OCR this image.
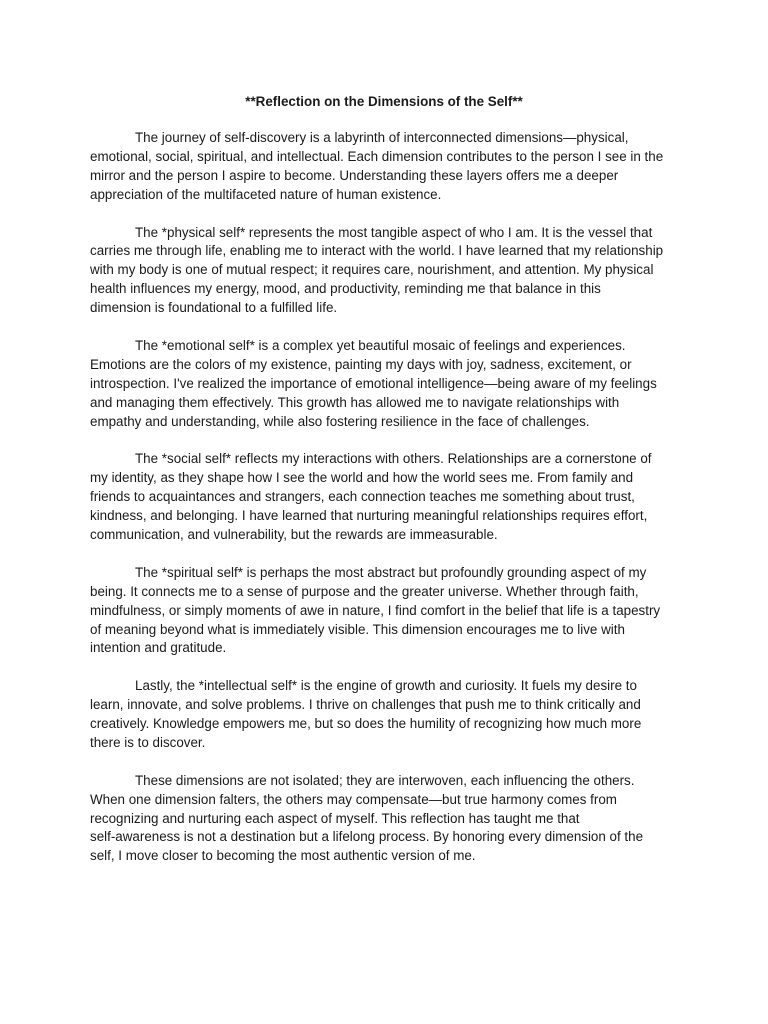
**Reflection on the Dimensions of the Self**

The journey of self-discovery is a labyrinth of interconnected dimensions—physical,
emotional, social, spiritual, and intellectual. Each dimension contributes to the person I see in the
mirror and the person I aspire to become. Understanding these layers offers me a deeper
appreciation of the multifaceted nature of human existence.

The *physical self* represents the most tangible aspect of who I am. It is the vessel that
carries me through life, enabling me to interact with the world. I have learned that my relationship
with my body is one of mutual respect; it requires care, nourishment, and attention. My physical
health influences my energy, mood, and productivity, reminding me that balance in this
dimension is foundational to a fulfilled life.

The *emotional self* is a complex yet beautiful mosaic of feelings and experiences.
Emotions are the colors of my existence, painting my days with joy, sadness, excitement, or
introspection. I've realized the importance of emotional intelligence—being aware of my feelings
and managing them effectively. This growth has allowed me to navigate relationships with
empathy and understanding, while also fostering resilience in the face of challenges.

The *social self* reflects my interactions with others. Relationships are a cornerstone of
my identity, as they shape how I see the world and how the world sees me. From family and
friends to acquaintances and strangers, each connection teaches me something about trust,
kindness, and belonging. I have learned that nurturing meaningful relationships requires effort,
communication, and vulnerability, but the rewards are immeasurable.

The *spiritual self* is perhaps the most abstract but profoundly grounding aspect of my
being. It connects me to a sense of purpose and the greater universe. Whether through faith,
mindfulness, or simply moments of awe in nature, I find comfort in the belief that life is a tapestry
of meaning beyond what is immediately visible. This dimension encourages me to live with
intention and gratitude.

Lastly, the *intellectual self* is the engine of growth and curiosity. It fuels my desire to
learn, innovate, and solve problems. I thrive on challenges that push me to think critically and
creatively. Knowledge empowers me, but so does the humility of recognizing how much more
there is to discover.

These dimensions are not isolated; they are interwoven, each influencing the others.
When one dimension falters, the others may compensate—but true harmony comes from
recognizing and nurturing each aspect of myself. This reflection has taught me that
self-awareness is not a destination but a lifelong process. By honoring every dimension of the
self, I move closer to becoming the most authentic version of me.
